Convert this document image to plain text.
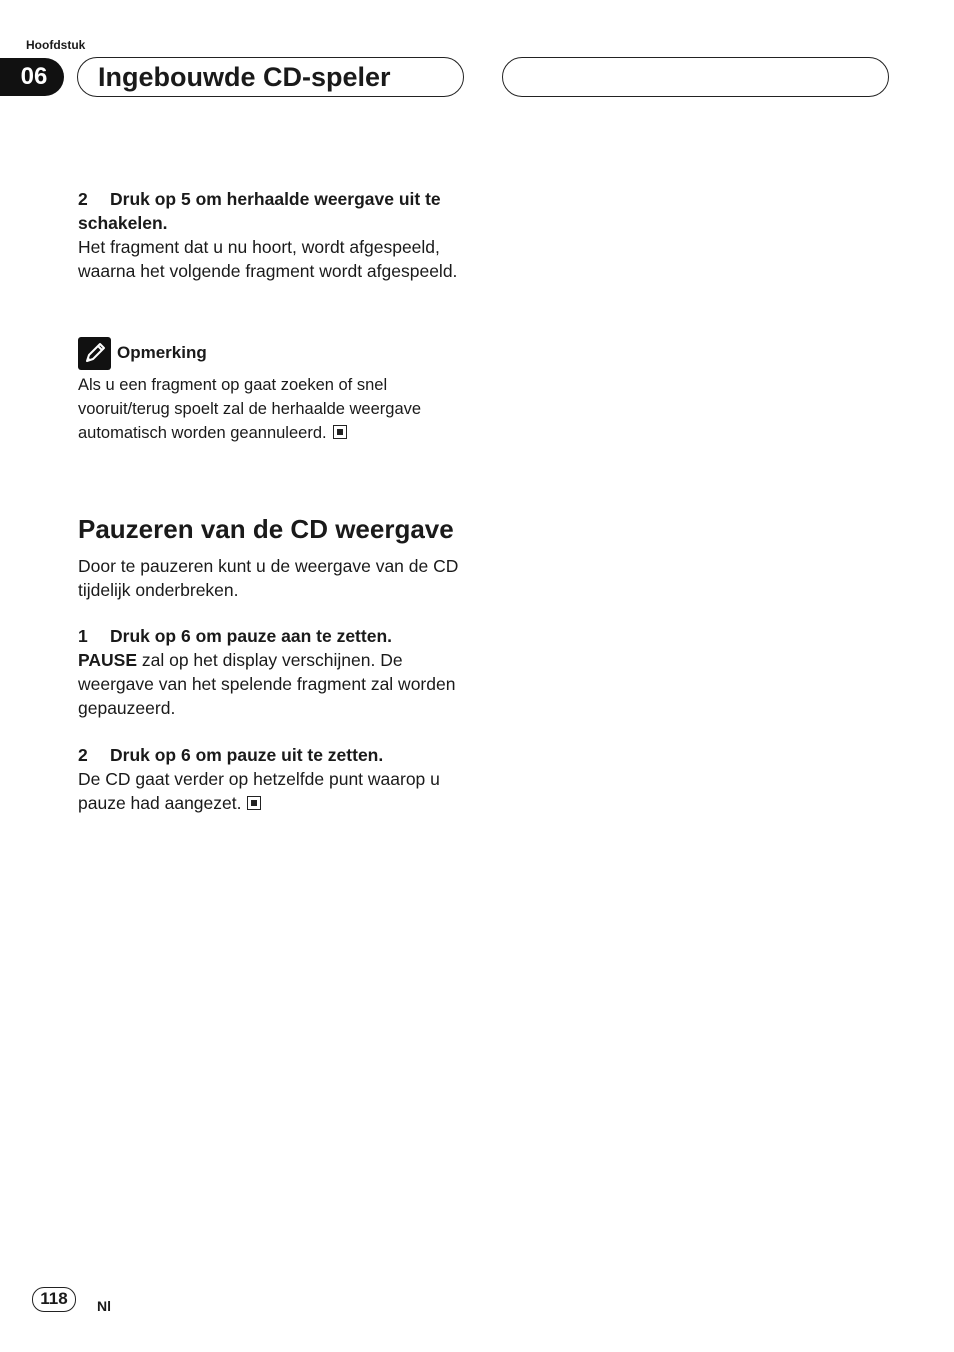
Hoofdstuk
06	Ingebouwde CD-speler

2 Druk op 5 om herhaalde weergave uit te schakelen.

Het fragment dat u nu hoort, wordt afgespeeld, waarna het volgende fragment wordt afgespeeld.

Opmerking
Als u een fragment op gaat zoeken of snel vooruit/terug spoelt zal de herhaalde weergave automatisch worden geannuleerd.
Pauzeren van de CD weergave

Door te pauzeren kunt u de weergave van de CD tijdelijk onderbreken.

1 Druk op 6 om pauze aan te zetten.

PAUSE zal op het display verschijnen. De weergave van het spelende fragment zal worden gepauzeerd.

2 Druk op 6 om pauze uit te zetten.

De CD gaat verder op hetzelfde punt waarop u pauze had aangezet.

118	Nl
